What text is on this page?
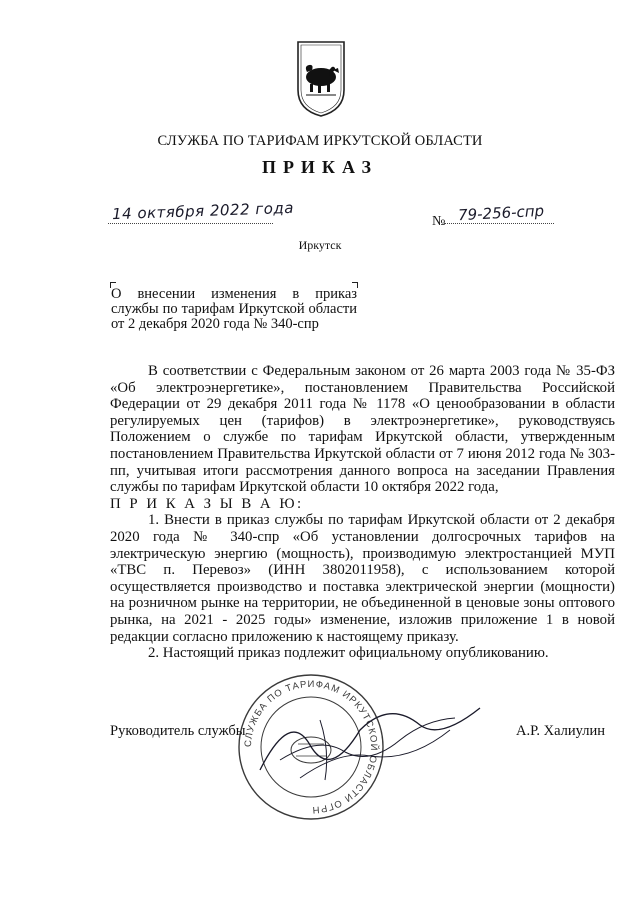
СЛУЖБА ПО ТАРИФАМ ИРКУТСКОЙ ОБЛАСТИ
ПРИКАЗ
14 октября 2022 года	№ 79-256-спр
Иркутск
О внесении изменения в приказ службы по тарифам Иркутской области от 2 декабря 2020 года № 340-спр

В соответствии с Федеральным законом от 26 марта 2003 года № 35-ФЗ «Об электроэнергетике», постановлением Правительства Российской Федерации от 29 декабря 2011 года № 1178 «О ценообразовании в области регулируемых цен (тарифов) в электроэнергетике», руководствуясь Положением о службе по тарифам Иркутской области, утвержденным постановлением Правительства Иркутской области от 7 июня 2012 года № 303-пп, учитывая итоги рассмотрения данного вопроса на заседании Правления службы по тарифам Иркутской области 10 октября 2022 года,

П Р И К А З Ы В А Ю:

1. Внести в приказ службы по тарифам Иркутской области от 2 декабря 2020 года № 340-спр «Об установлении долгосрочных тарифов на электрическую энергию (мощность), производимую электростанцией МУП «ТВС п. Перевоз» (ИНН 3802011958), с использованием которой осуществляется производство и поставка электрической энергии (мощности) на розничном рынке на территории, не объединенной в ценовые зоны оптового рынка, на 2021 - 2025 годы» изменение, изложив приложение 1 в новой редакции согласно приложению к настоящему приказу.

2. Настоящий приказ подлежит официальному опубликованию.

СЛУЖБА ПО ТАРИФАМ ИРКУТСКОЙ ОБЛАСТИ ОГРН
Руководитель службы	А.Р. Халиулин
